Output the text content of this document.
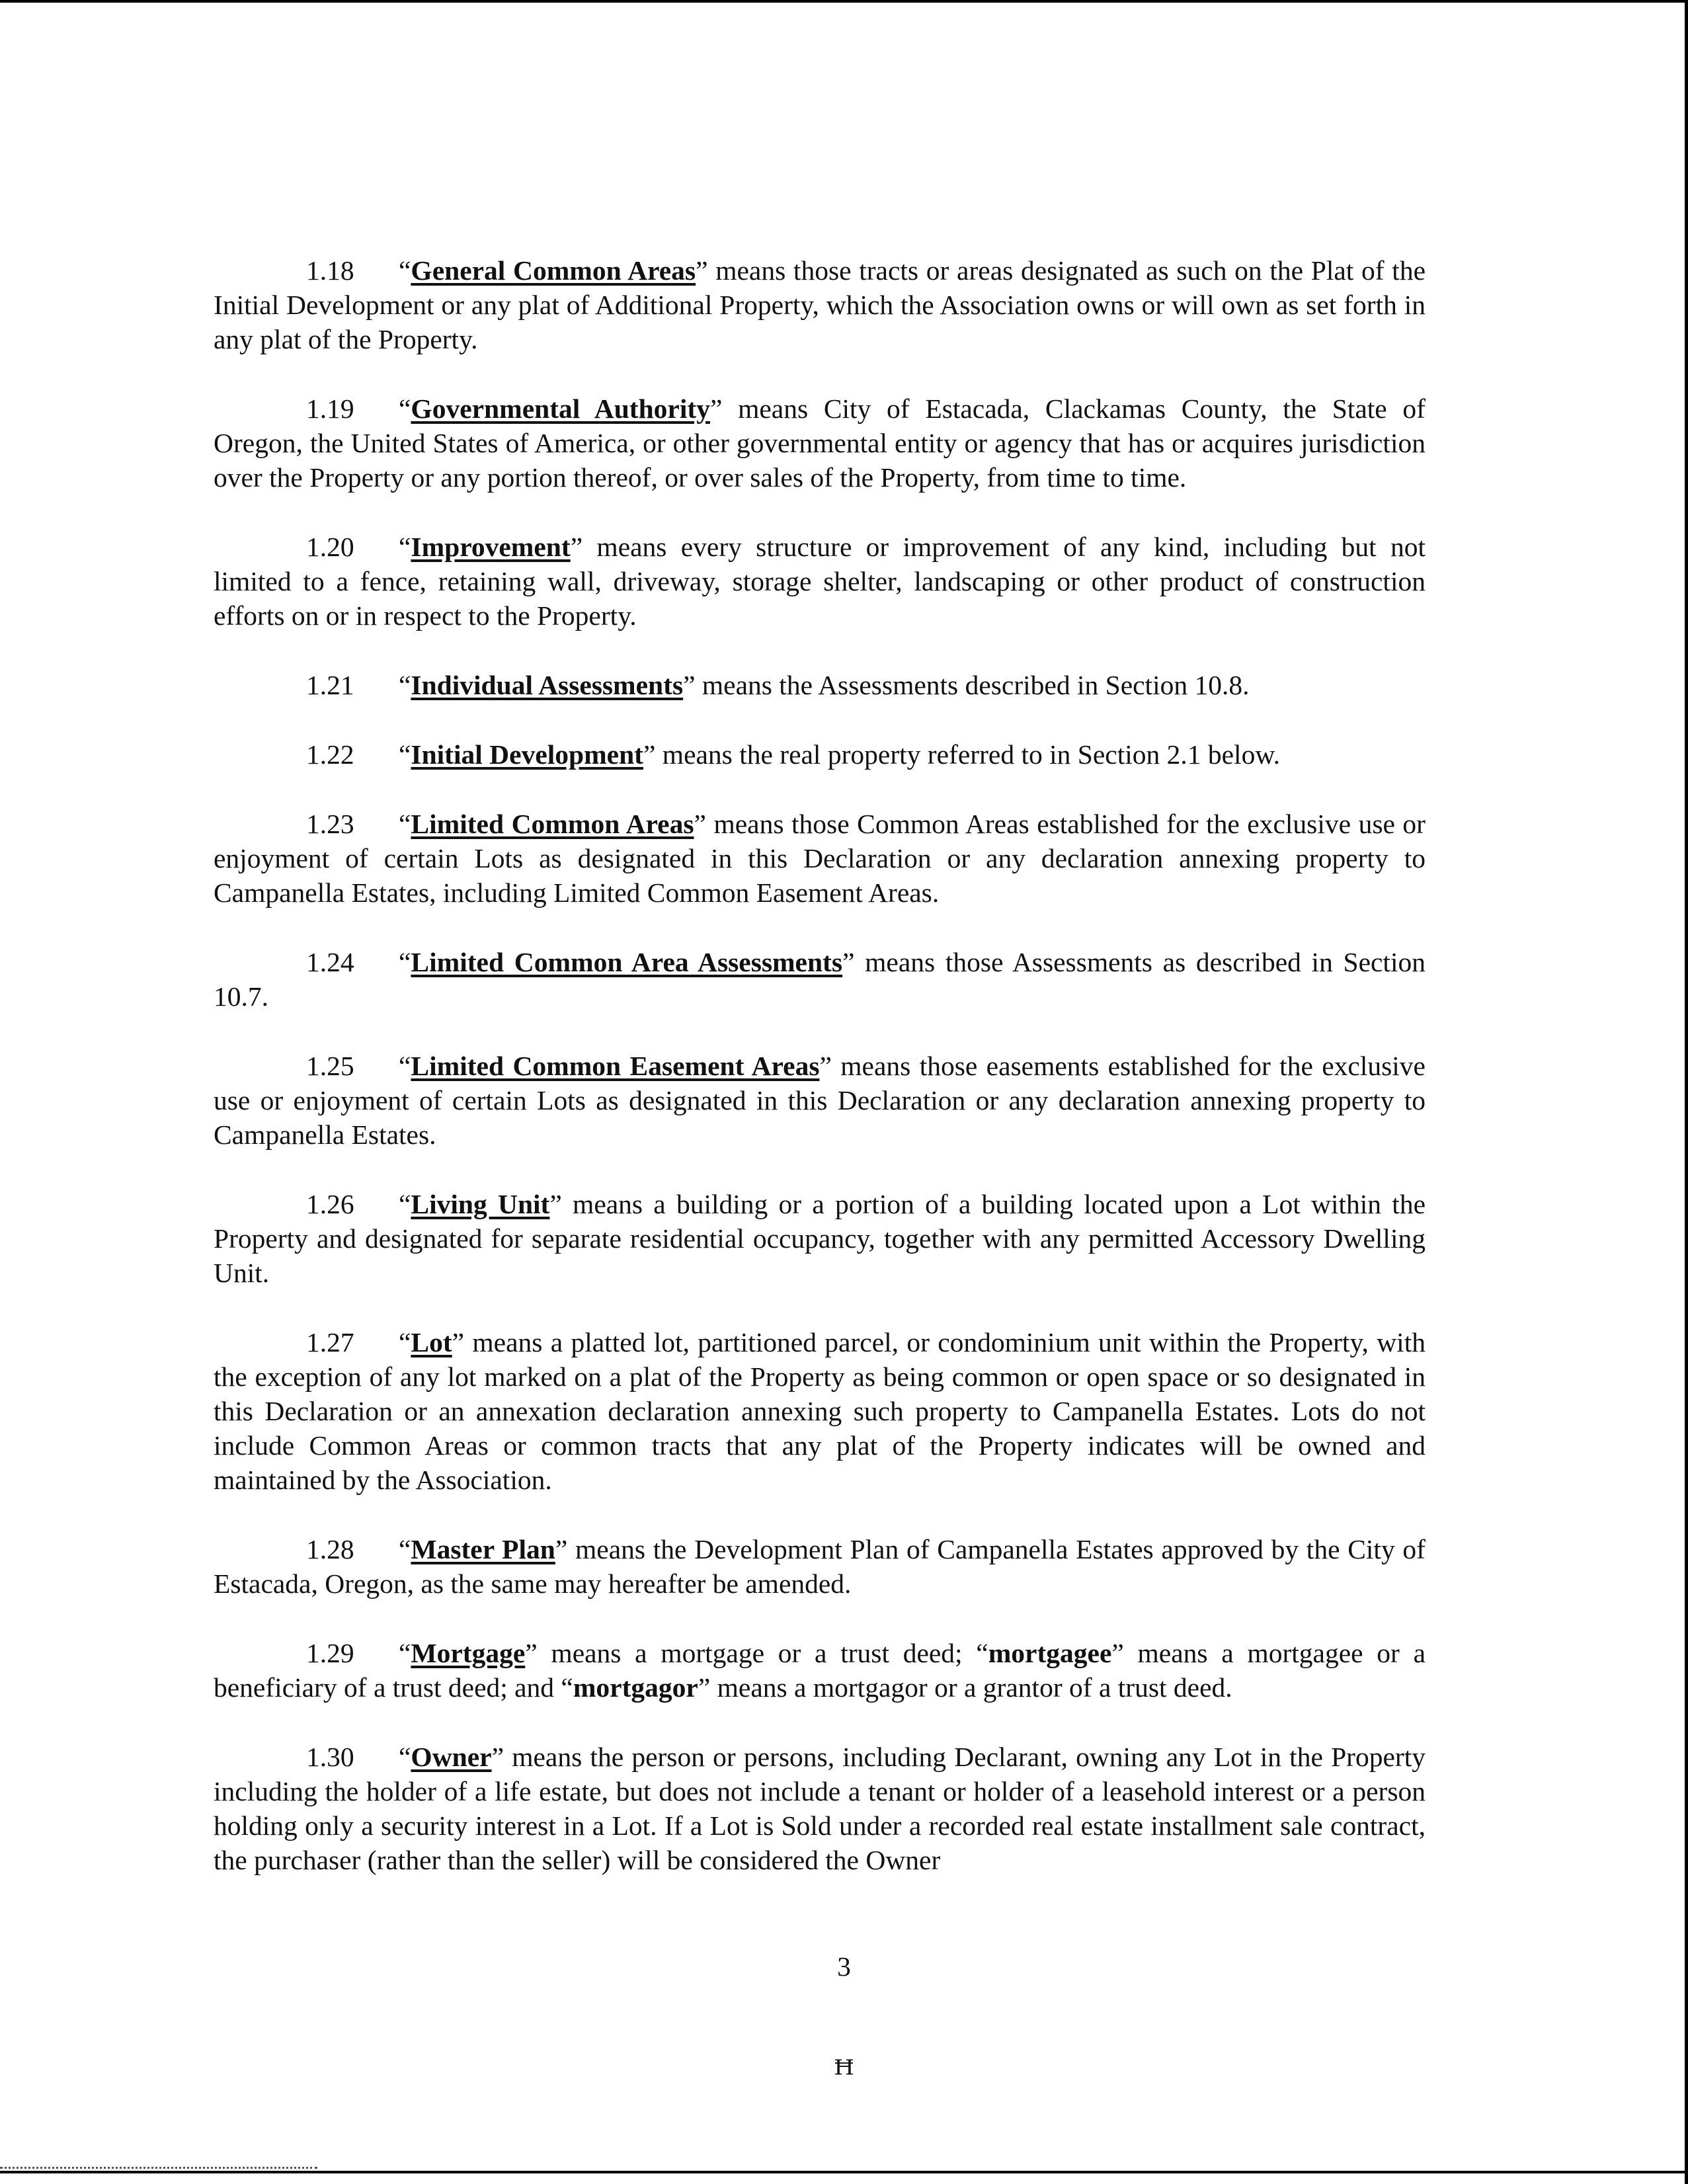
1.18 “General Common Areas” means those tracts or areas designated as such on the Plat of the Initial Development or any plat of Additional Property, which the Association owns or will own as set forth in any plat of the Property.

1.19 “Governmental Authority” means City of Estacada, Clackamas County, the State of Oregon, the United States of America, or other governmental entity or agency that has or acquires jurisdiction over the Property or any portion thereof, or over sales of the Property, from time to time.

1.20 “Improvement” means every structure or improvement of any kind, including but not limited to a fence, retaining wall, driveway, storage shelter, landscaping or other product of construction efforts on or in respect to the Property.

1.21 “Individual Assessments” means the Assessments described in Section 10.8.

1.22 “Initial Development” means the real property referred to in Section 2.1 below.

1.23 “Limited Common Areas” means those Common Areas established for the exclusive use or enjoyment of certain Lots as designated in this Declaration or any declaration annexing property to Campanella Estates, including Limited Common Easement Areas.

1.24 “Limited Common Area Assessments” means those Assessments as described in Section 10.7.

1.25 “Limited Common Easement Areas” means those easements established for the exclusive use or enjoyment of certain Lots as designated in this Declaration or any declaration annexing property to Campanella Estates.

1.26 “Living Unit” means a building or a portion of a building located upon a Lot within the Property and designated for separate residential occupancy, together with any permitted Accessory Dwelling Unit.

1.27 “Lot” means a platted lot, partitioned parcel, or condominium unit within the Property, with the exception of any lot marked on a plat of the Property as being common or open space or so designated in this Declaration or an annexation declaration annexing such property to Campanella Estates. Lots do not include Common Areas or common tracts that any plat of the Property indicates will be owned and maintained by the Association.

1.28 “Master Plan” means the Development Plan of Campanella Estates approved by the City of Estacada, Oregon, as the same may hereafter be amended.

1.29 “Mortgage” means a mortgage or a trust deed; “mortgagee” means a mortgagee or a beneficiary of a trust deed; and “mortgagor” means a mortgagor or a grantor of a trust deed.

1.30 “Owner” means the person or persons, including Declarant, owning any Lot in the Property including the holder of a life estate, but does not include a tenant or holder of a leasehold interest or a person holding only a security interest in a Lot. If a Lot is Sold under a recorded real estate installment sale contract, the purchaser (rather than the seller) will be considered the Owner

3
ꟸ
